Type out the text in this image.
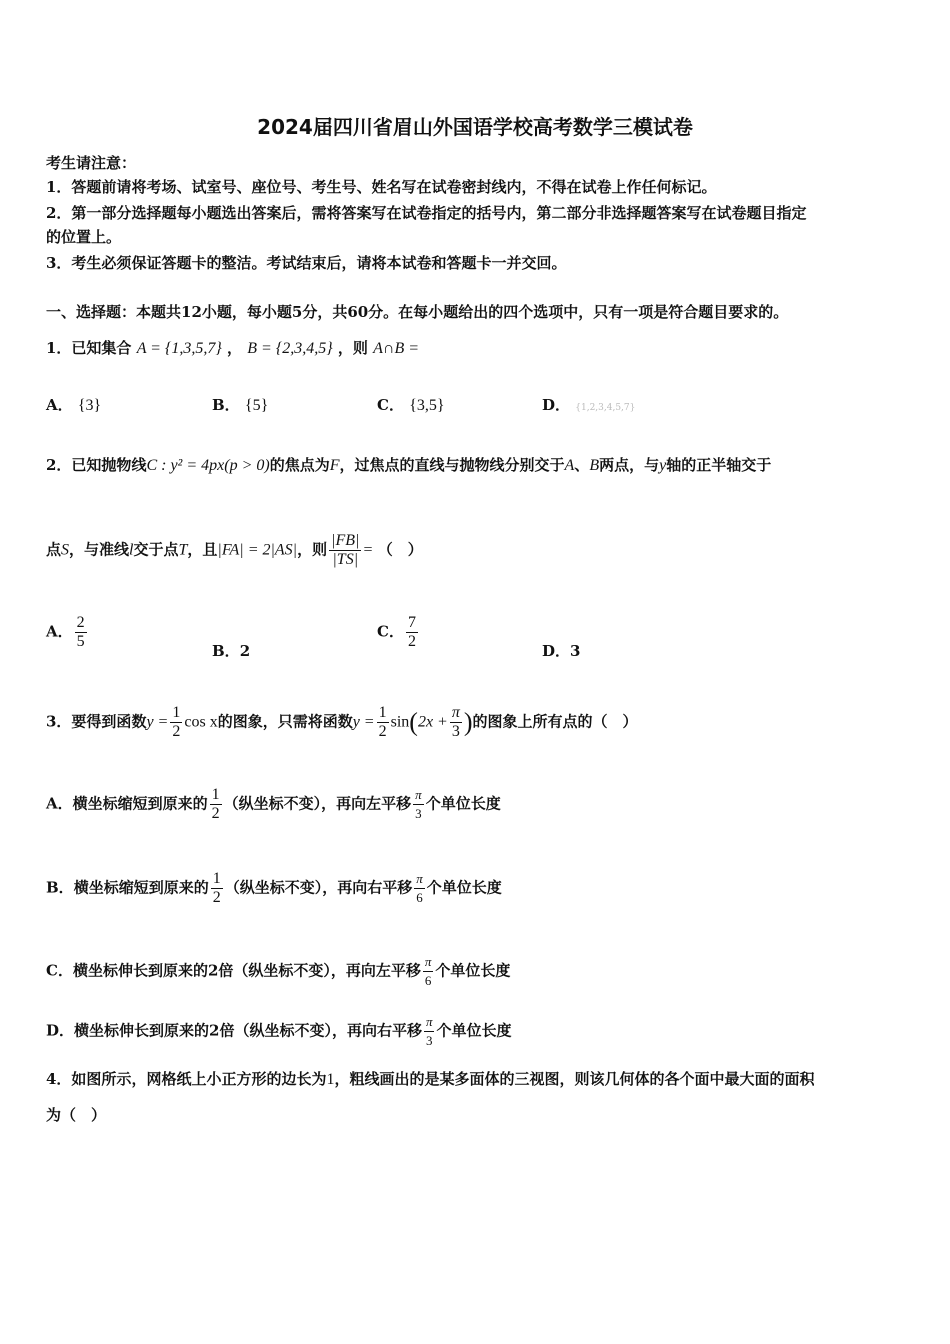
2024届四川省眉山外国语学校高考数学三模试卷
考生请注意：
1．答题前请将考场、试室号、座位号、考生号、姓名写在试卷密封线内，不得在试卷上作任何标记。
2．第一部分选择题每小题选出答案后，需将答案写在试卷指定的括号内，第二部分非选择题答案写在试卷题目指定
的位置上。
3．考生必须保证答题卡的整洁。考试结束后，请将本试卷和答题卡一并交回。
一、选择题：本题共12小题，每小题5分，共60分。在每小题给出的四个选项中，只有一项是符合题目要求的。
1．已知集合 A = {1,3,5,7} ， B = {2,3,4,5} ，则 A∩B =
A． {3}	B． {5}	C． {3,5}	D． {1,2,3,4,5,7}
2．已知抛物线C : y² = 4px(p > 0)的焦点为F，过焦点的直线与抛物线分别交于A、B两点，与y轴的正半轴交于
点S，与准线l交于点T，且|FA| = 2|AS|，则 $\frac{|FB|}{|TS|}$ = （　）
A． $\frac{2}{5}$	B．2
C． $\frac{7}{2}$	D．3
3．要得到函数$y = \frac{1}{2}$ cos x的图象，只需将函数$y = \frac{1}{2} \sin(2x + \frac{\pi}{3}$ )的图象上所有点的（　）
A．横坐标缩短到原来的 $\frac{1}{2}$ （纵坐标不变），再向左平移 $\frac{\pi}{3}$ 个单位长度
B．横坐标缩短到原来的 $\frac{1}{2}$ （纵坐标不变），再向右平移 $\frac{\pi}{6}$ 个单位长度
C．横坐标伸长到原来的2倍（纵坐标不变），再向左平移 $\frac{\pi}{6}$ 个单位长度
D．横坐标伸长到原来的2倍（纵坐标不变），再向右平移 $\frac{\pi}{3}$ 个单位长度
4．如图所示，网格纸上小正方形的边长为1，粗线画出的是某多面体的三视图，则该几何体的各个面中最大面的面积
为（　）
